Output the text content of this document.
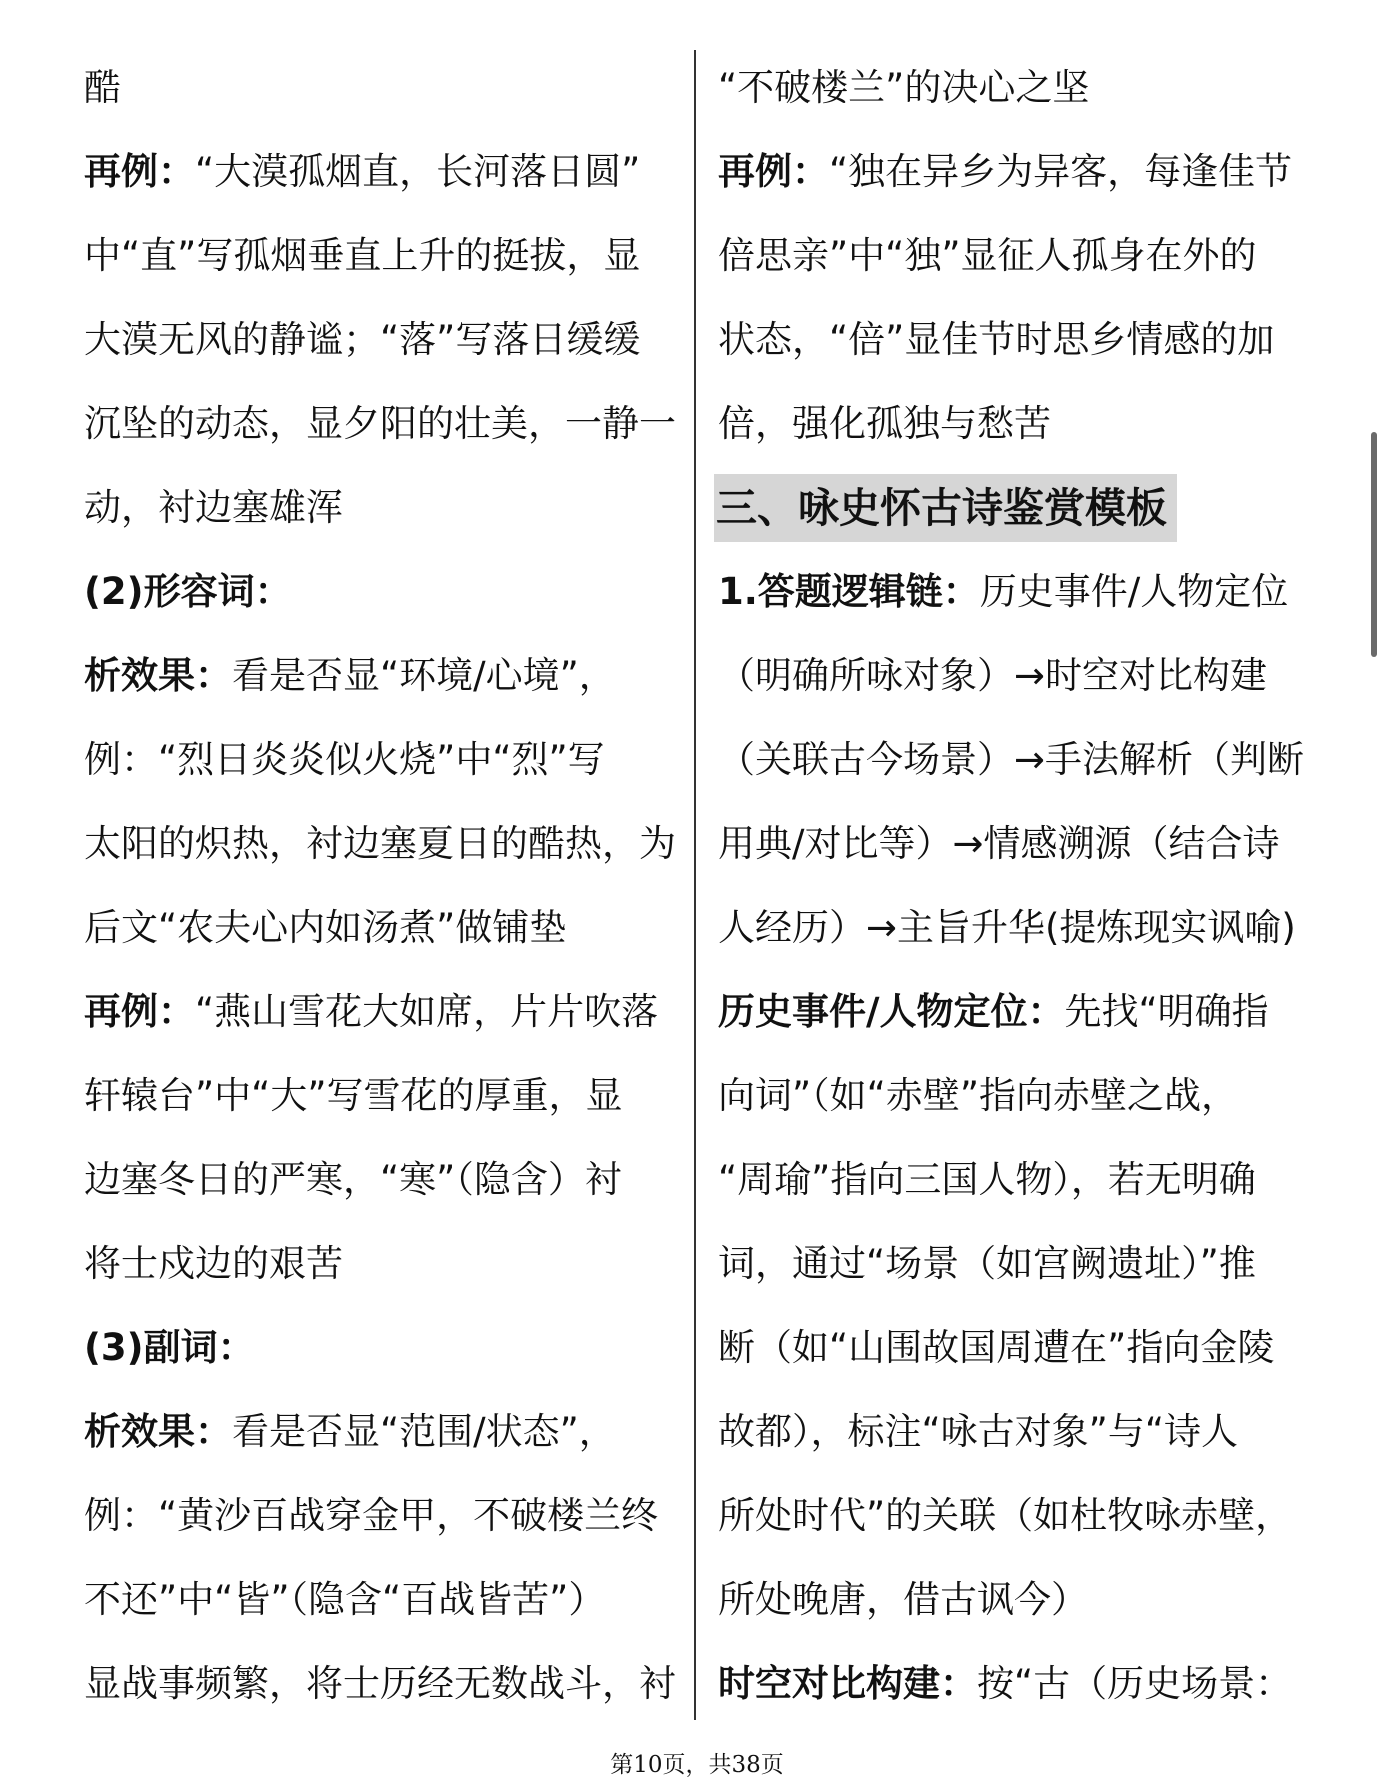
酷
再例：“大漠孤烟直，长河落日圆”
中“直”写孤烟垂直上升的挺拔，显
大漠无风的静谧；“落”写落日缓缓
沉坠的动态，显夕阳的壮美，一静一
动，衬边塞雄浑
(2)形容词：
析效果：看是否显“环境/心境”，
例：“烈日炎炎似火烧”中“烈”写
太阳的炽热，衬边塞夏日的酷热，为
后文“农夫心内如汤煮”做铺垫
再例：“燕山雪花大如席，片片吹落
轩辕台”中“大”写雪花的厚重，显
边塞冬日的严寒，“寒”（隐含）衬
将士戍边的艰苦
(3)副词：
析效果：看是否显“范围/状态”，
例：“黄沙百战穿金甲，不破楼兰终
不还”中“皆”（隐含“百战皆苦”）
显战事频繁，将士历经无数战斗，衬
“不破楼兰”的决心之坚
再例：“独在异乡为异客，每逢佳节
倍思亲”中“独”显征人孤身在外的
状态，“倍”显佳节时思乡情感的加
倍，强化孤独与愁苦
三、咏史怀古诗鉴赏模板
1.答题逻辑链：历史事件/人物定位
（明确所咏对象）→时空对比构建
（关联古今场景）→手法解析（判断
用典/对比等）→情感溯源（结合诗
人经历）→主旨升华(提炼现实讽喻)
历史事件/人物定位：先找“明确指
向词”（如“赤壁”指向赤壁之战，
“周瑜”指向三国人物），若无明确
词，通过“场景（如宫阙遗址）”推
断（如“山围故国周遭在”指向金陵
故都），标注“咏古对象”与“诗人
所处时代”的关联（如杜牧咏赤壁，
所处晚唐，借古讽今）
时空对比构建：按“古（历史场景：
第10页，共38页
